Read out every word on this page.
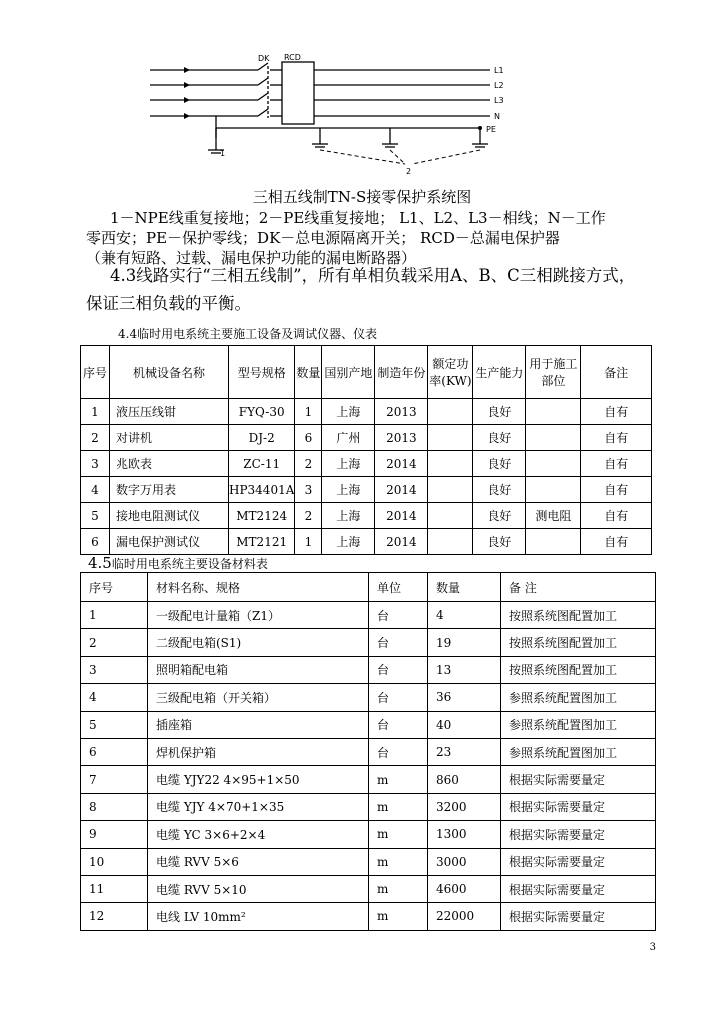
DK RCD
L1
L2
L3
N
PE
1
2
三相五线制TN-S接零保护系统图
1－NPE线重复接地；2－PE线重复接地； L1、L2、L3－相线；N－工作
零西安；PE－保护零线；DK－总电源隔离开关； RCD－总漏电保护器
（兼有短路、过载、漏电保护功能的漏电断路器）
4.3线路实行“三相五线制”，所有单相负载采用A、B、C三相跳接方式，
保证三相负载的平衡。
4.4临时用电系统主要施工设备及调试仪器、仪表
序号	机械设备名称	型号规格	数量	国别产地	制造年份	额定功率(KW)	生产能力	用于施工部位	备注
1	液压压线钳	FYQ-30	1	上海	2013		良好		自有
2	对讲机	DJ-2	6	广州	2013		良好		自有
3	兆欧表	ZC-11	2	上海	2014		良好		自有
4	数字万用表	HP34401A	3	上海	2014		良好		自有
5	接地电阻测试仪	MT2124	2	上海	2014		良好	测电阻	自有
6	漏电保护测试仪	MT2121	1	上海	2014		良好		自有
4.5临时用电系统主要设备材料表
序号	材料名称、规格	单位	数量	备 注
1	一级配电计量箱（Z1）	台	4	按照系统图配置加工
2	二级配电箱(S1)	台	19	按照系统图配置加工
3	照明箱配电箱	台	13	按照系统图配置加工
4	三级配电箱（开关箱）	台	36	参照系统配置图加工
5	插座箱	台	40	参照系统配置图加工
6	焊机保护箱	台	23	参照系统配置图加工
7	电缆 YJY22 4×95+1×50	m	860	根据实际需要量定
8	电缆 YJY 4×70+1×35	m	3200	根据实际需要量定
9	电缆 YC 3×6+2×4	m	1300	根据实际需要量定
10	电缆 RVV 5×6	m	3000	根据实际需要量定
11	电缆 RVV 5×10	m	4600	根据实际需要量定
12	电线 LV 10mm²	m	22000	根据实际需要量定
3
